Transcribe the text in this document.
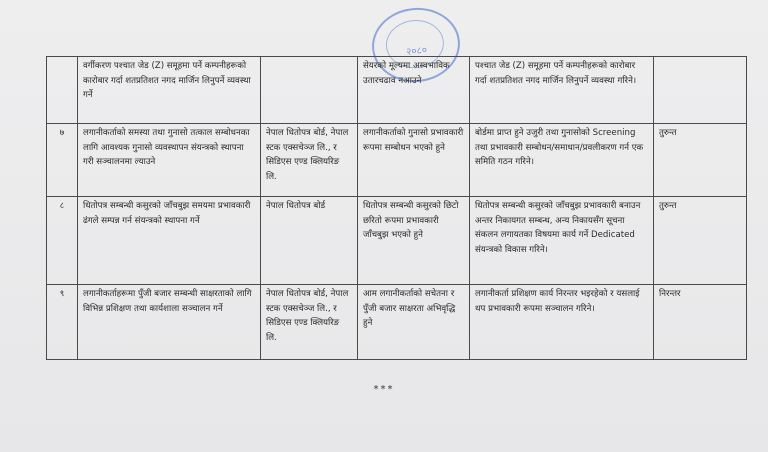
२०८०
	वर्गीकरण पश्चात जेड (Z) समूहमा पर्ने कम्पनीहरूको कारोबार गर्दा शतप्रतिशत नगद मार्जिन लिनुपर्ने व्यवस्था गर्ने		सेयरको मूल्यमा अस्वभाविक उतारचढाव नआउने	पश्चात जेड (Z) समूहमा पर्ने कम्पनीहरूको कारोबार गर्दा शतप्रतिशत नगद मार्जिन लिनुपर्ने व्यवस्था गरिने।	
७	लगानीकर्ताको समस्या तथा गुनासो तत्काल सम्बोधनका लागि आवश्यक गुनासो व्यवस्थापन संयन्त्रको स्थापना गरी सञ्चालनमा ल्याउने	नेपाल धितोपत्र बोर्ड, नेपाल स्टक एक्सचेञ्ज लि., र सिडिएस एण्ड क्लियरिङ लि.	लगानीकर्ताको गुनासो प्रभावकारी रूपमा सम्बोधन भएको हुने	बोर्डमा प्राप्त हुने उजुरी तथा गुनासोको Screening तथा प्रभावकारी सम्बोधन/समाधान/प्रवलीकरण गर्न एक समिति गठन गरिने।	तुरुन्त
८	धितोपत्र सम्बन्धी कसुरको जाँचबुझ समयमा प्रभावकारी ढंगले सम्पन्न गर्न संयन्त्रको स्थापना गर्ने	नेपाल धितोपत्र बोर्ड	धितोपत्र सम्बन्धी कसुरको छिटो छरितो रूपमा प्रभावकारी जाँचबुझ भएको हुने	धितोपत्र सम्बन्धी कसुरको जाँचबुझ प्रभावकारी बनाउन अन्तर निकायगत सम्बन्ध, अन्य निकायसँग सूचना संकलन लगायतका विषयमा कार्य गर्ने Dedicated संयन्त्रको विकास गरिने।	तुरुन्त
९	लगानीकर्ताहरूमा पुँजी बजार सम्बन्धी साक्षरताको लागि विभिन्न प्रशिक्षण तथा कार्यशाला सञ्चालन गर्ने	नेपाल धितोपत्र बोर्ड, नेपाल स्टक एक्सचेञ्ज लि., र सिडिएस एण्ड क्लियरिङ लि.	आम लगानीकर्ताको सचेतना र पुँजी बजार साक्षरता अभिवृद्धि हुने	लगानीकर्ता प्रशिक्षण कार्य निरन्तर भइरहेको र यसलाई थप प्रभावकारी रूपमा सञ्चालन गरिने।	निरन्तर
***
